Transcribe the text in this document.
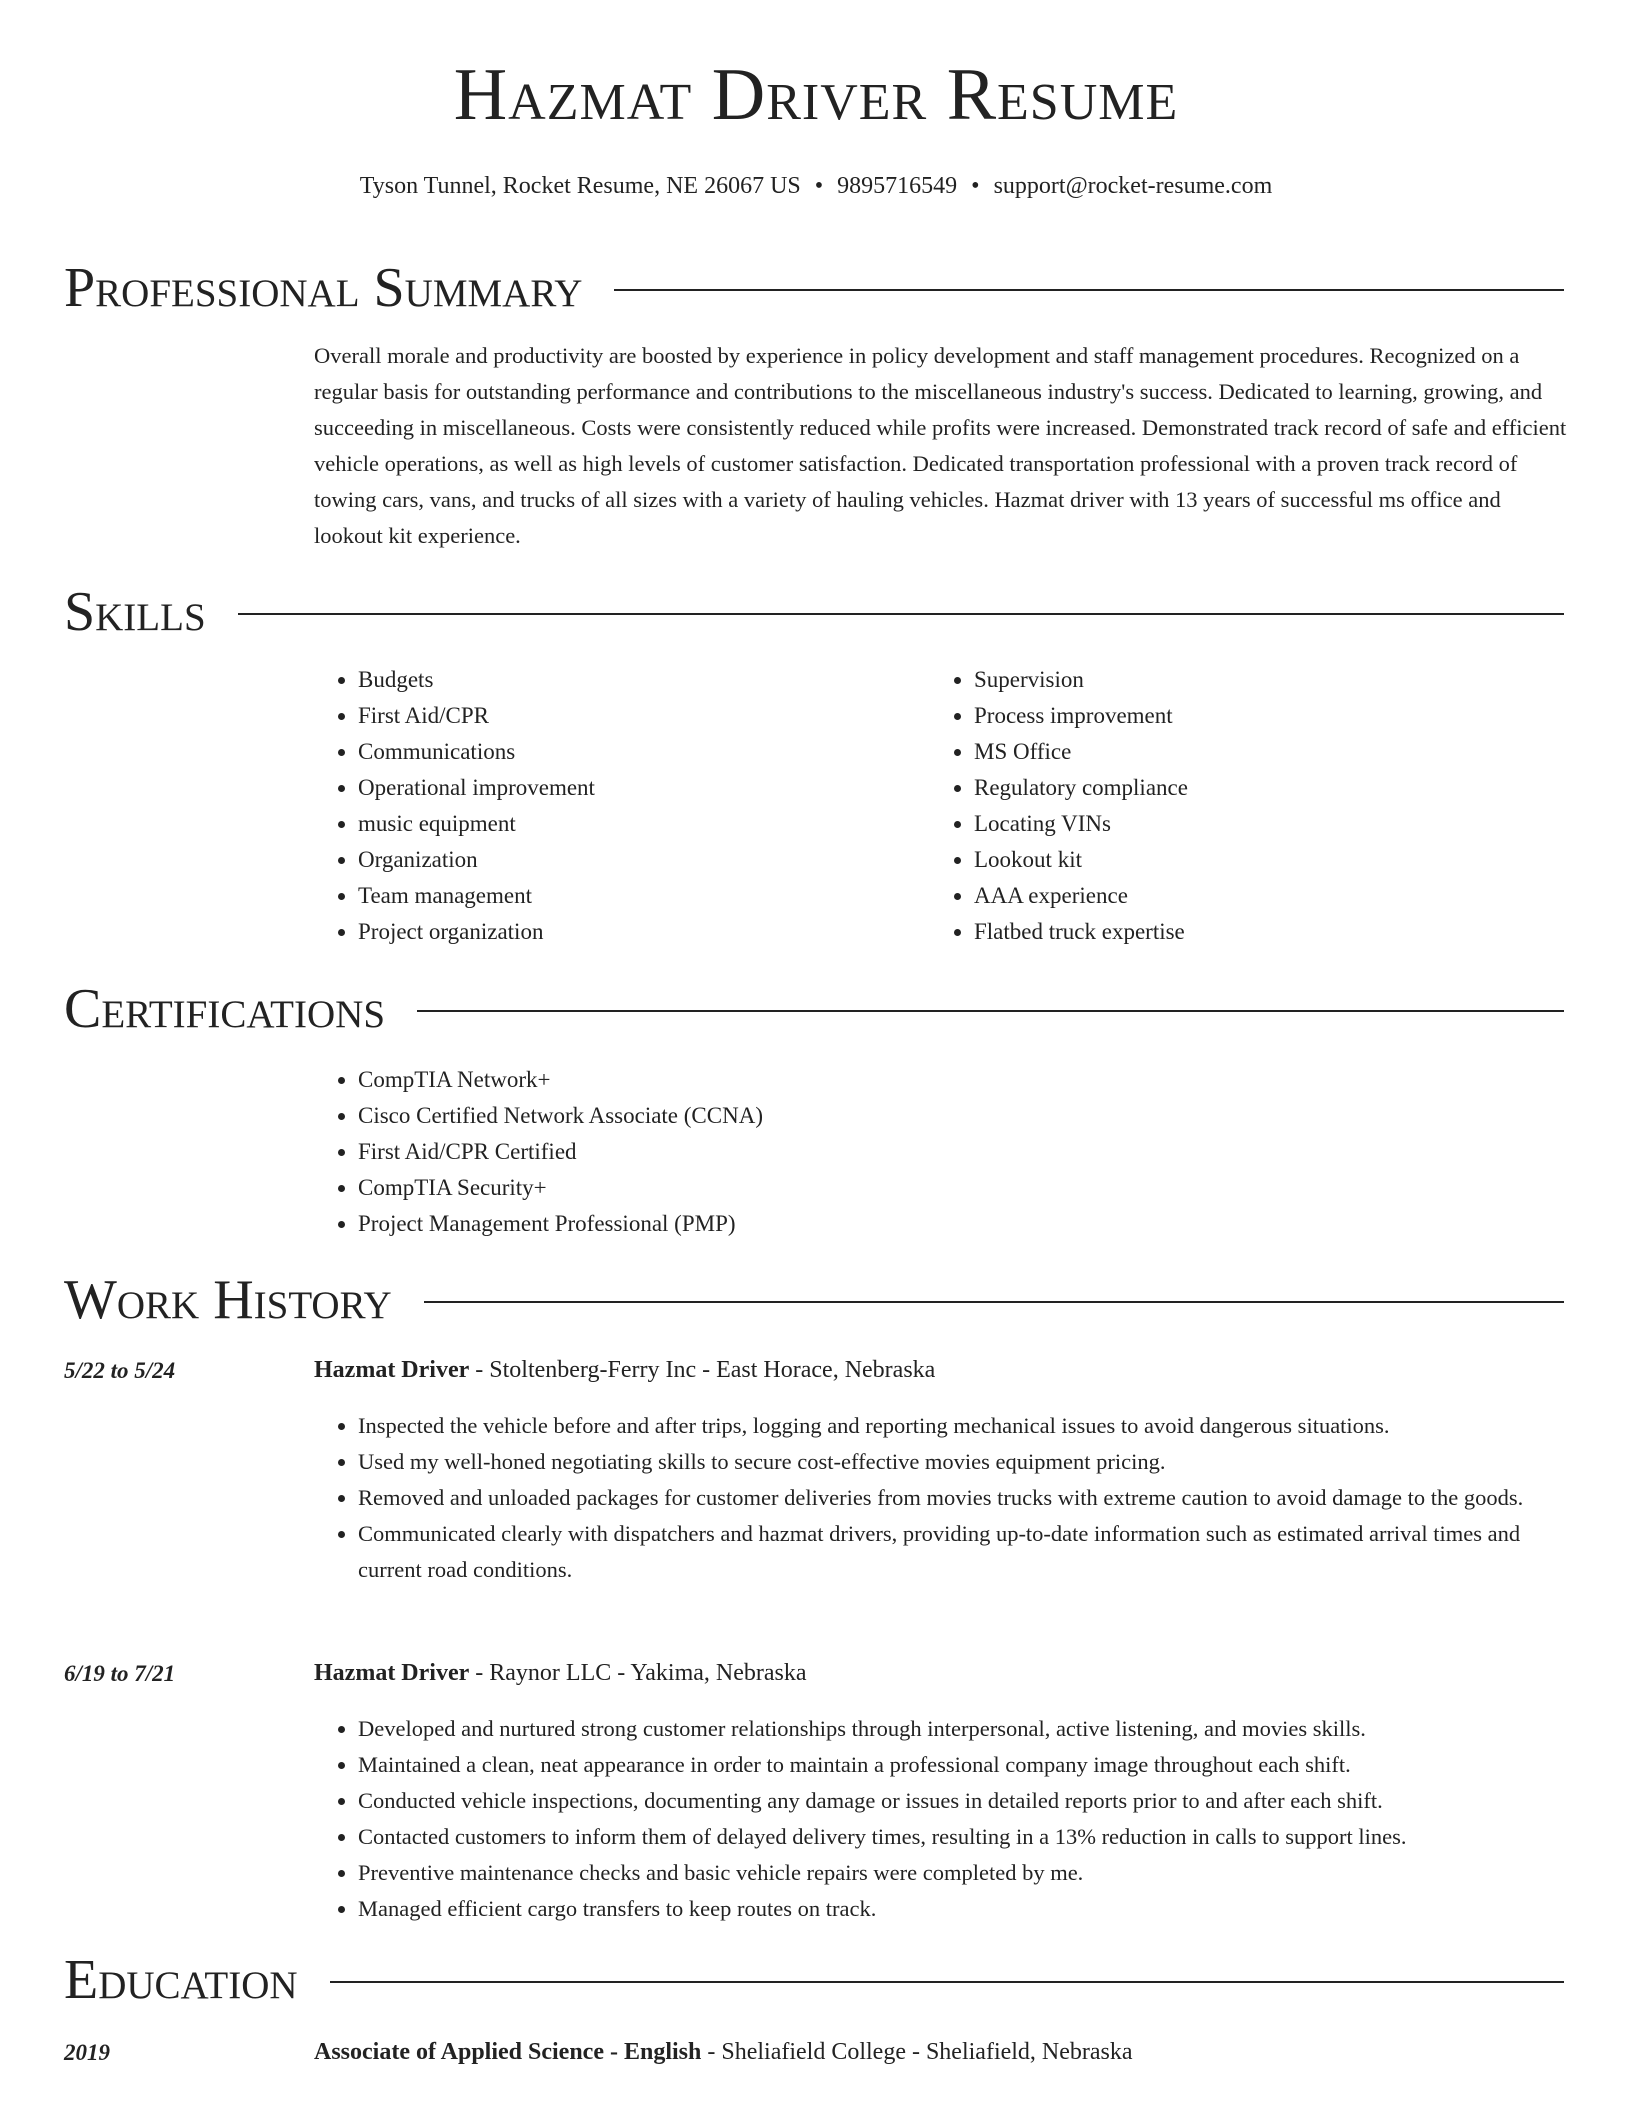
Hazmat Driver Resume
Tyson Tunnel, Rocket Resume, NE 26067 US • 9895716549 • support@rocket-resume.com
Professional Summary

Overall morale and productivity are boosted by experience in policy development and staff management procedures. Recognized on a regular basis for outstanding performance and contributions to the miscellaneous industry's success. Dedicated to learning, growing, and succeeding in miscellaneous. Costs were consistently reduced while profits were increased. Demonstrated track record of safe and efficient vehicle operations, as well as high levels of customer satisfaction. Dedicated transportation professional with a proven track record of towing cars, vans, and trucks of all sizes with a variety of hauling vehicles. Hazmat driver with 13 years of successful ms office and lookout kit experience.

Skills
• Budgets
• First Aid/CPR
• Communications
• Operational improvement
• music equipment
• Organization
• Team management
• Project organization
• Supervision
• Process improvement
• MS Office
• Regulatory compliance
• Locating VINs
• Lookout kit
• AAA experience
• Flatbed truck expertise
Certifications
• CompTIA Network+
• Cisco Certified Network Associate (CCNA)
• First Aid/CPR Certified
• CompTIA Security+
• Project Management Professional (PMP)
Work History
5/22 to 5/24	Hazmat Driver - Stoltenberg-Ferry Inc - East Horace, Nebraska
• Inspected the vehicle before and after trips, logging and reporting mechanical issues to avoid dangerous situations.
• Used my well-honed negotiating skills to secure cost-effective movies equipment pricing.
• Removed and unloaded packages for customer deliveries from movies trucks with extreme caution to avoid damage to the goods.
• Communicated clearly with dispatchers and hazmat drivers, providing up-to-date information such as estimated arrival times and current road conditions.
6/19 to 7/21	Hazmat Driver - Raynor LLC - Yakima, Nebraska
• Developed and nurtured strong customer relationships through interpersonal, active listening, and movies skills.
• Maintained a clean, neat appearance in order to maintain a professional company image throughout each shift.
• Conducted vehicle inspections, documenting any damage or issues in detailed reports prior to and after each shift.
• Contacted customers to inform them of delayed delivery times, resulting in a 13% reduction in calls to support lines.
• Preventive maintenance checks and basic vehicle repairs were completed by me.
• Managed efficient cargo transfers to keep routes on track.
Education
2019	Associate of Applied Science - English - Sheliafield College - Sheliafield, Nebraska
